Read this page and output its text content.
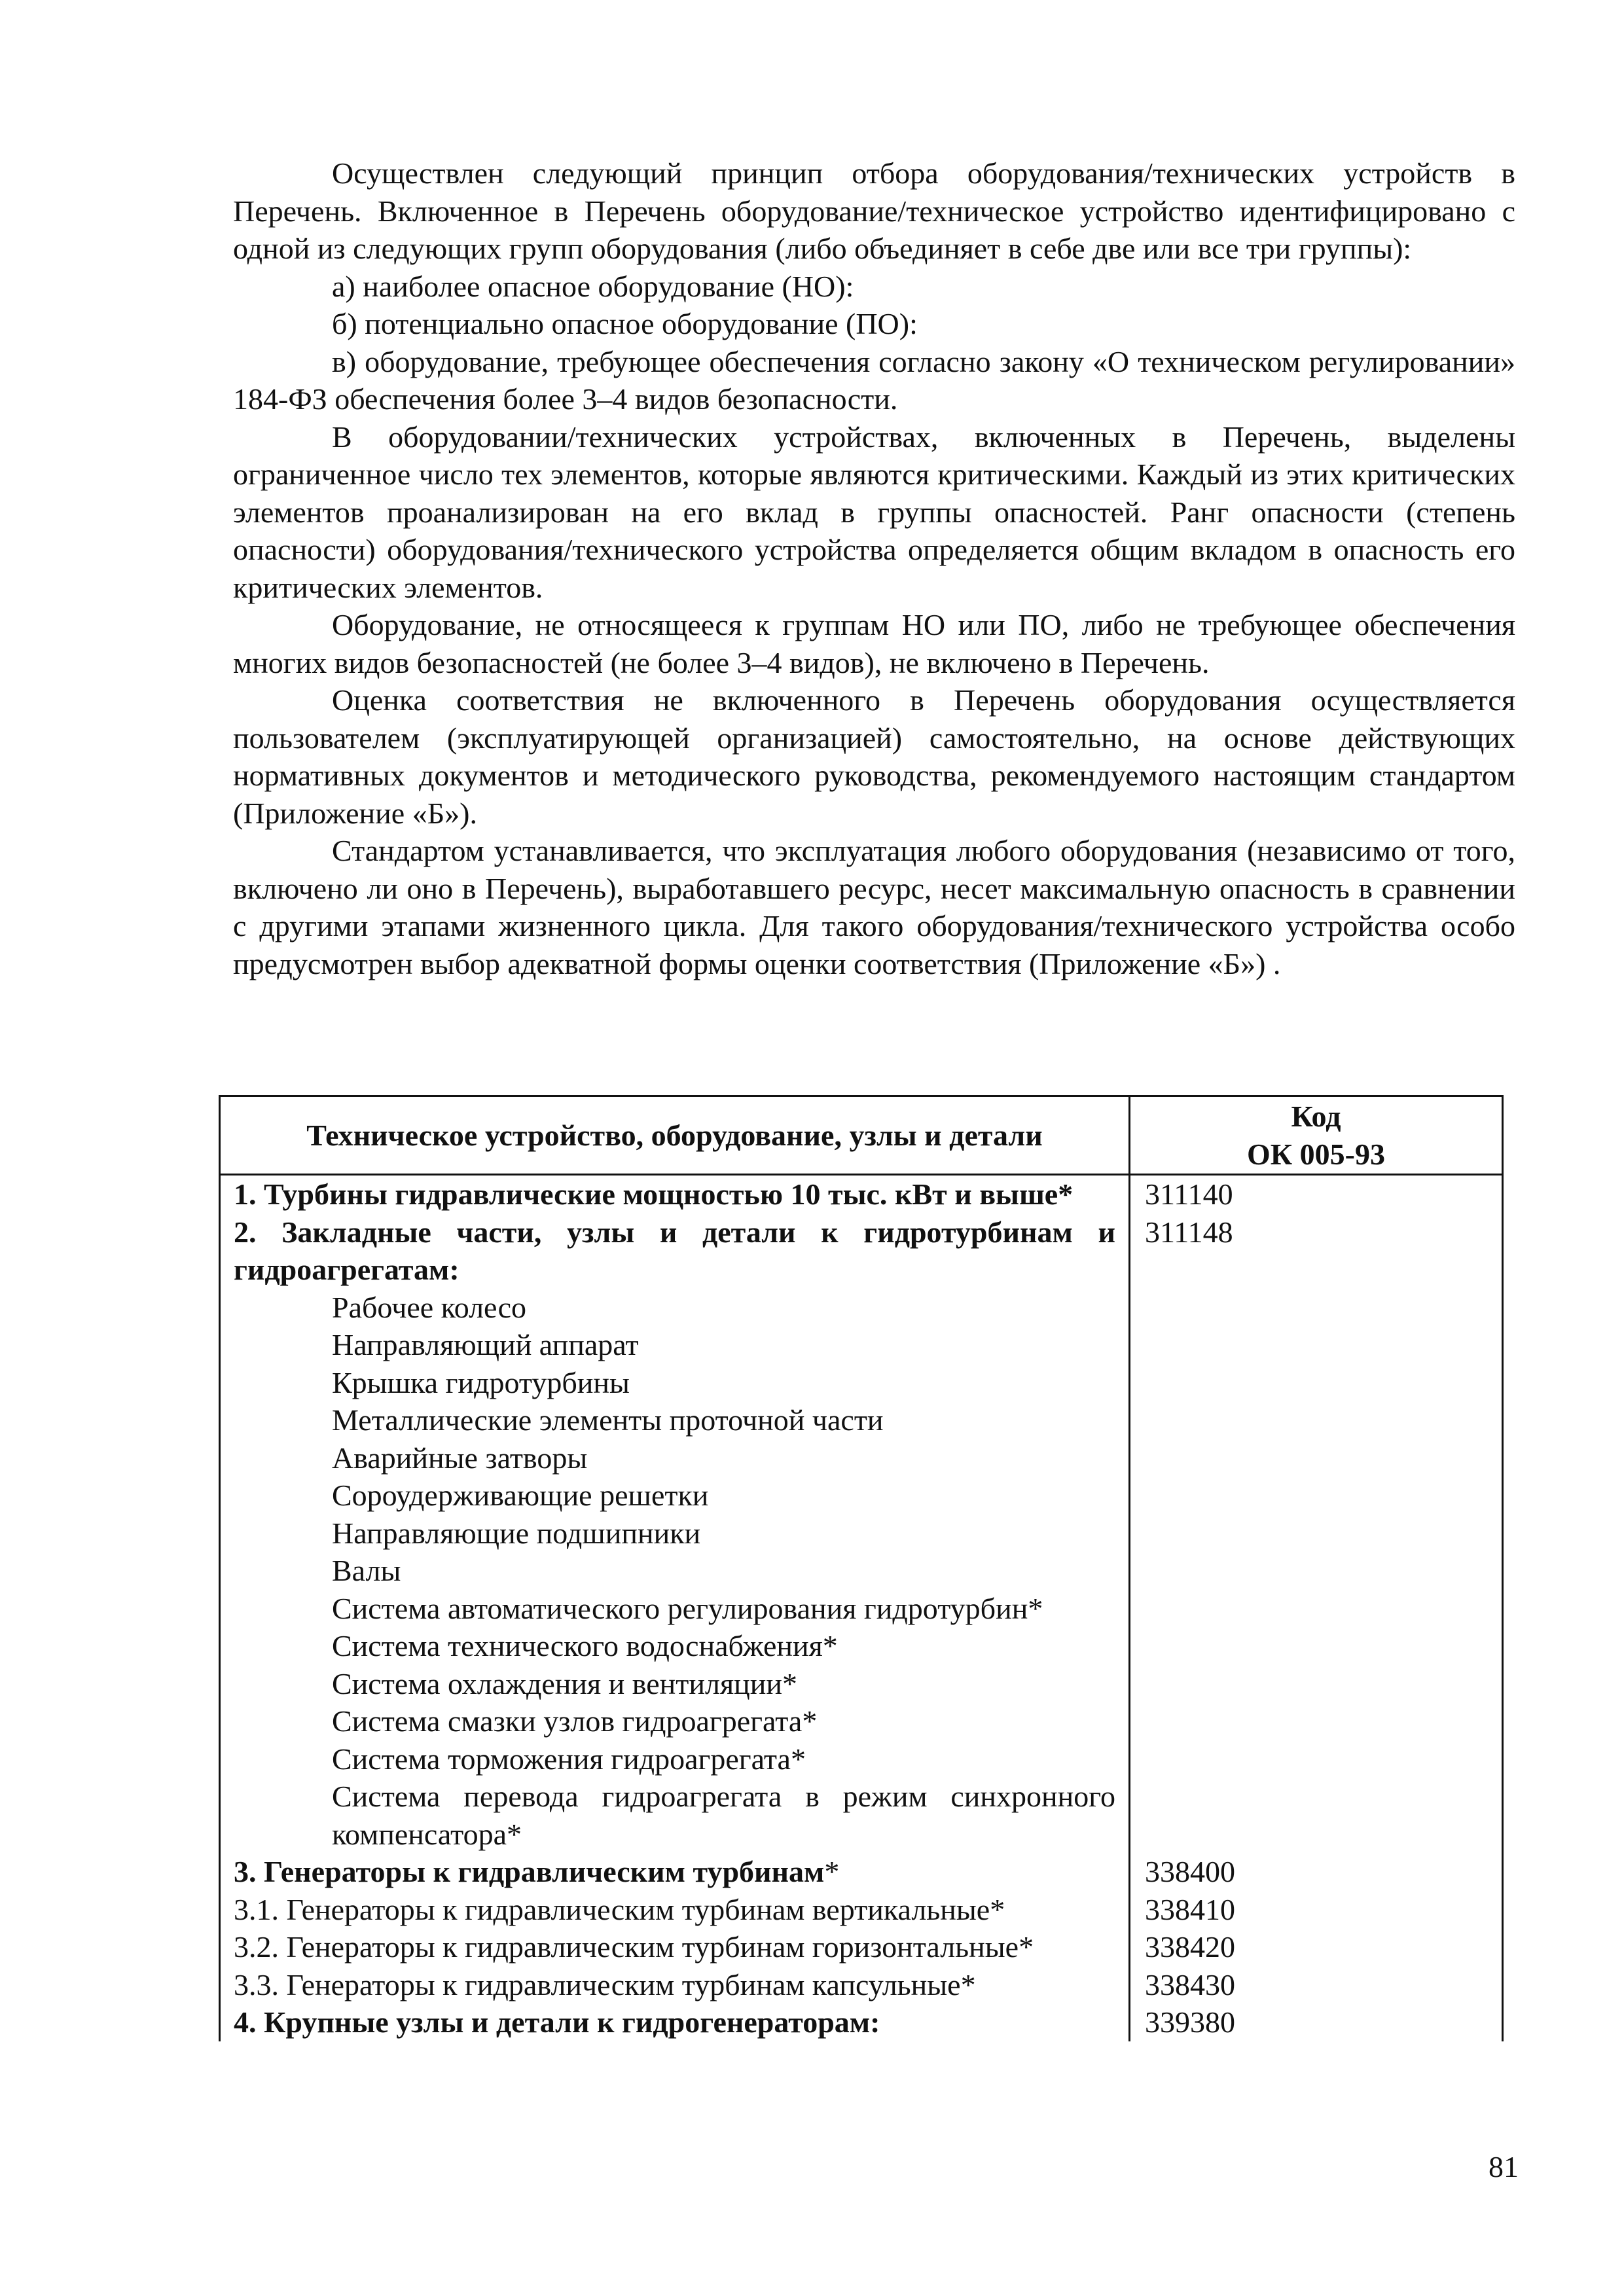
Осуществлен следующий принцип отбора оборудования/технических устройств в Перечень. Включенное в Перечень оборудование/техническое устройство идентифицировано с одной из следующих групп оборудования (либо объединяет в себе две или все три группы):

а) наиболее опасное оборудование (НО):

б) потенциально опасное оборудование (ПО):

в) оборудование, требующее обеспечения согласно закону «О техническом регулировании» 184-ФЗ обеспечения более 3–4 видов безопасности.

В оборудовании/технических устройствах, включенных в Перечень, выделены ограниченное число тех элементов, которые являются критическими. Каждый из этих критических элементов проанализирован на его вклад в группы опасностей. Ранг опасности (степень опасности) оборудования/технического устройства определяется общим вкладом в опасность его критических элементов.

Оборудование, не относящееся к группам НО или ПО, либо не требующее обеспечения многих видов безопасностей (не более 3–4 видов), не включено в Перечень.

Оценка соответствия не включенного в Перечень оборудования осуществляется пользователем (эксплуатирующей организацией) самостоятельно, на основе действующих нормативных документов и методического руководства, рекомендуемого настоящим стандартом (Приложение «Б»).

Стандартом устанавливается, что эксплуатация любого оборудования (независимо от того, включено ли оно в Перечень), выработавшего ресурс, несет максимальную опасность в сравнении с другими этапами жизненного цикла. Для такого оборудования/технического устройства особо предусмотрен выбор адекватной формы оценки соответствия (Приложение «Б») .

Техническое устройство, оборудование, узлы и детали	Код
ОК 005-93

1. Турбины гидравлические мощностью 10 тыс. кВт и выше*	311140
2. Закладные части, узлы и детали к гидротурбинам и гидроагрегатам:	311148
Рабочее колесо	
Направляющий аппарат	
Крышка гидротурбины	
Металлические элементы проточной части	
Аварийные затворы	
Сороудерживающие решетки	
Направляющие подшипники	
Валы	
Система автоматического регулирования гидротурбин*	
Система технического водоснабжения*	
Система охлаждения и вентиляции*	
Система смазки узлов гидроагрегата*	
Система торможения гидроагрегата*	
Система перевода гидроагрегата в режим синхронного компенсатора*	
3. Генераторы к гидравлическим турбинам*	338400
3.1. Генераторы к гидравлическим турбинам вертикальные*	338410
3.2. Генераторы к гидравлическим турбинам горизонтальные*	338420
3.3. Генераторы к гидравлическим турбинам капсульные*	338430
4. Крупные узлы и детали к гидрогенераторам:	339380
81
